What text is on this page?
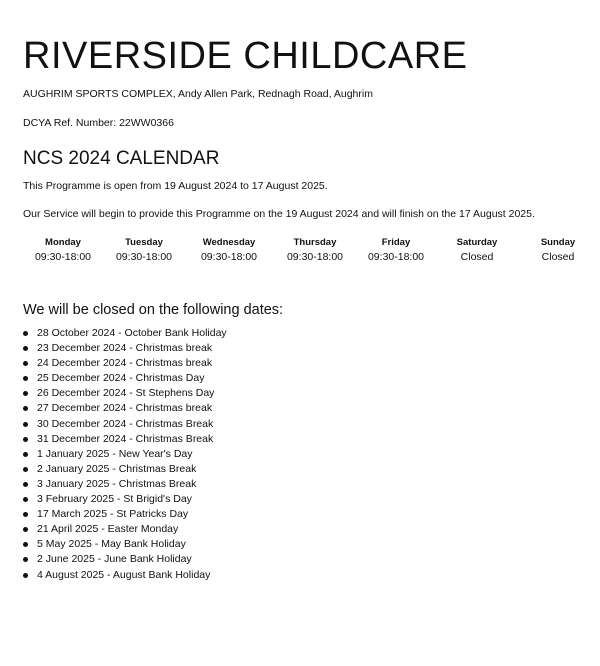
RIVERSIDE CHILDCARE
AUGHRIM SPORTS COMPLEX, Andy Allen Park, Rednagh Road, Aughrim
DCYA Ref. Number: 22WW0366
NCS 2024 CALENDAR
This Programme is open from 19 August 2024 to 17 August 2025.
Our Service will begin to provide this Programme on the 19 August 2024 and will finish on the 17 August 2025.
Monday
09:30-18:00
Tuesday
09:30-18:00
Wednesday
09:30-18:00
Thursday
09:30-18:00
Friday
09:30-18:00
Saturday
Closed
Sunday
Closed
We will be closed on the following dates:
28 October 2024 - October Bank Holiday
23 December 2024 - Christmas break
24 December 2024 - Christmas break
25 December 2024 - Christmas Day
26 December 2024 - St Stephens Day
27 December 2024 - Christmas break
30 December 2024 - Christmas Break
31 December 2024 - Christmas Break
1 January 2025 - New Year's Day
2 January 2025 - Christmas Break
3 January 2025 - Christmas Break
3 February 2025 - St Brigid's Day
17 March 2025 - St Patricks Day
21 April 2025 - Easter Monday
5 May 2025 - May Bank Holiday
2 June 2025 - June Bank Holiday
4 August 2025 - August Bank Holiday
